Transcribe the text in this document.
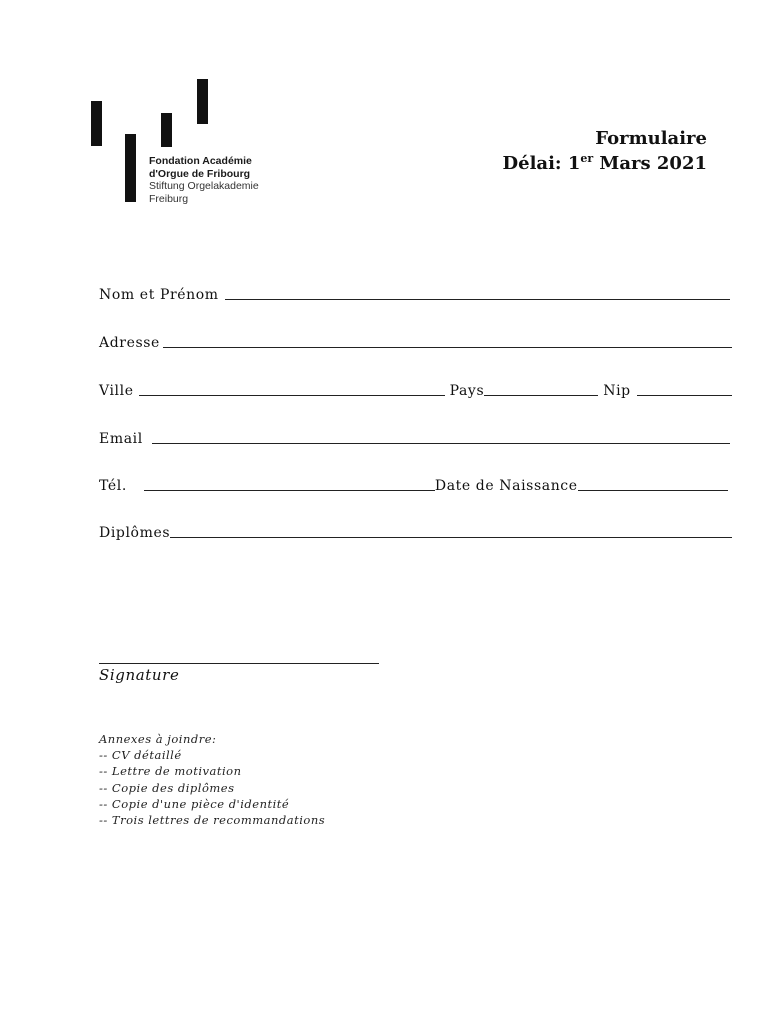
Fondation Académie
d'Orgue de Fribourg
Stiftung Orgelakademie
Freiburg
Formulaire
Délai: 1er Mars 2021
Nom et Prénom
Adresse
Ville	Pays	Nip
Email
Tél.	Date de Naissance
Diplômes
Signature
Annexes à joindre:
-- CV détaillé
-- Lettre de motivation
-- Copie des diplômes
-- Copie d'une pièce d'identité
-- Trois lettres de recommandations
